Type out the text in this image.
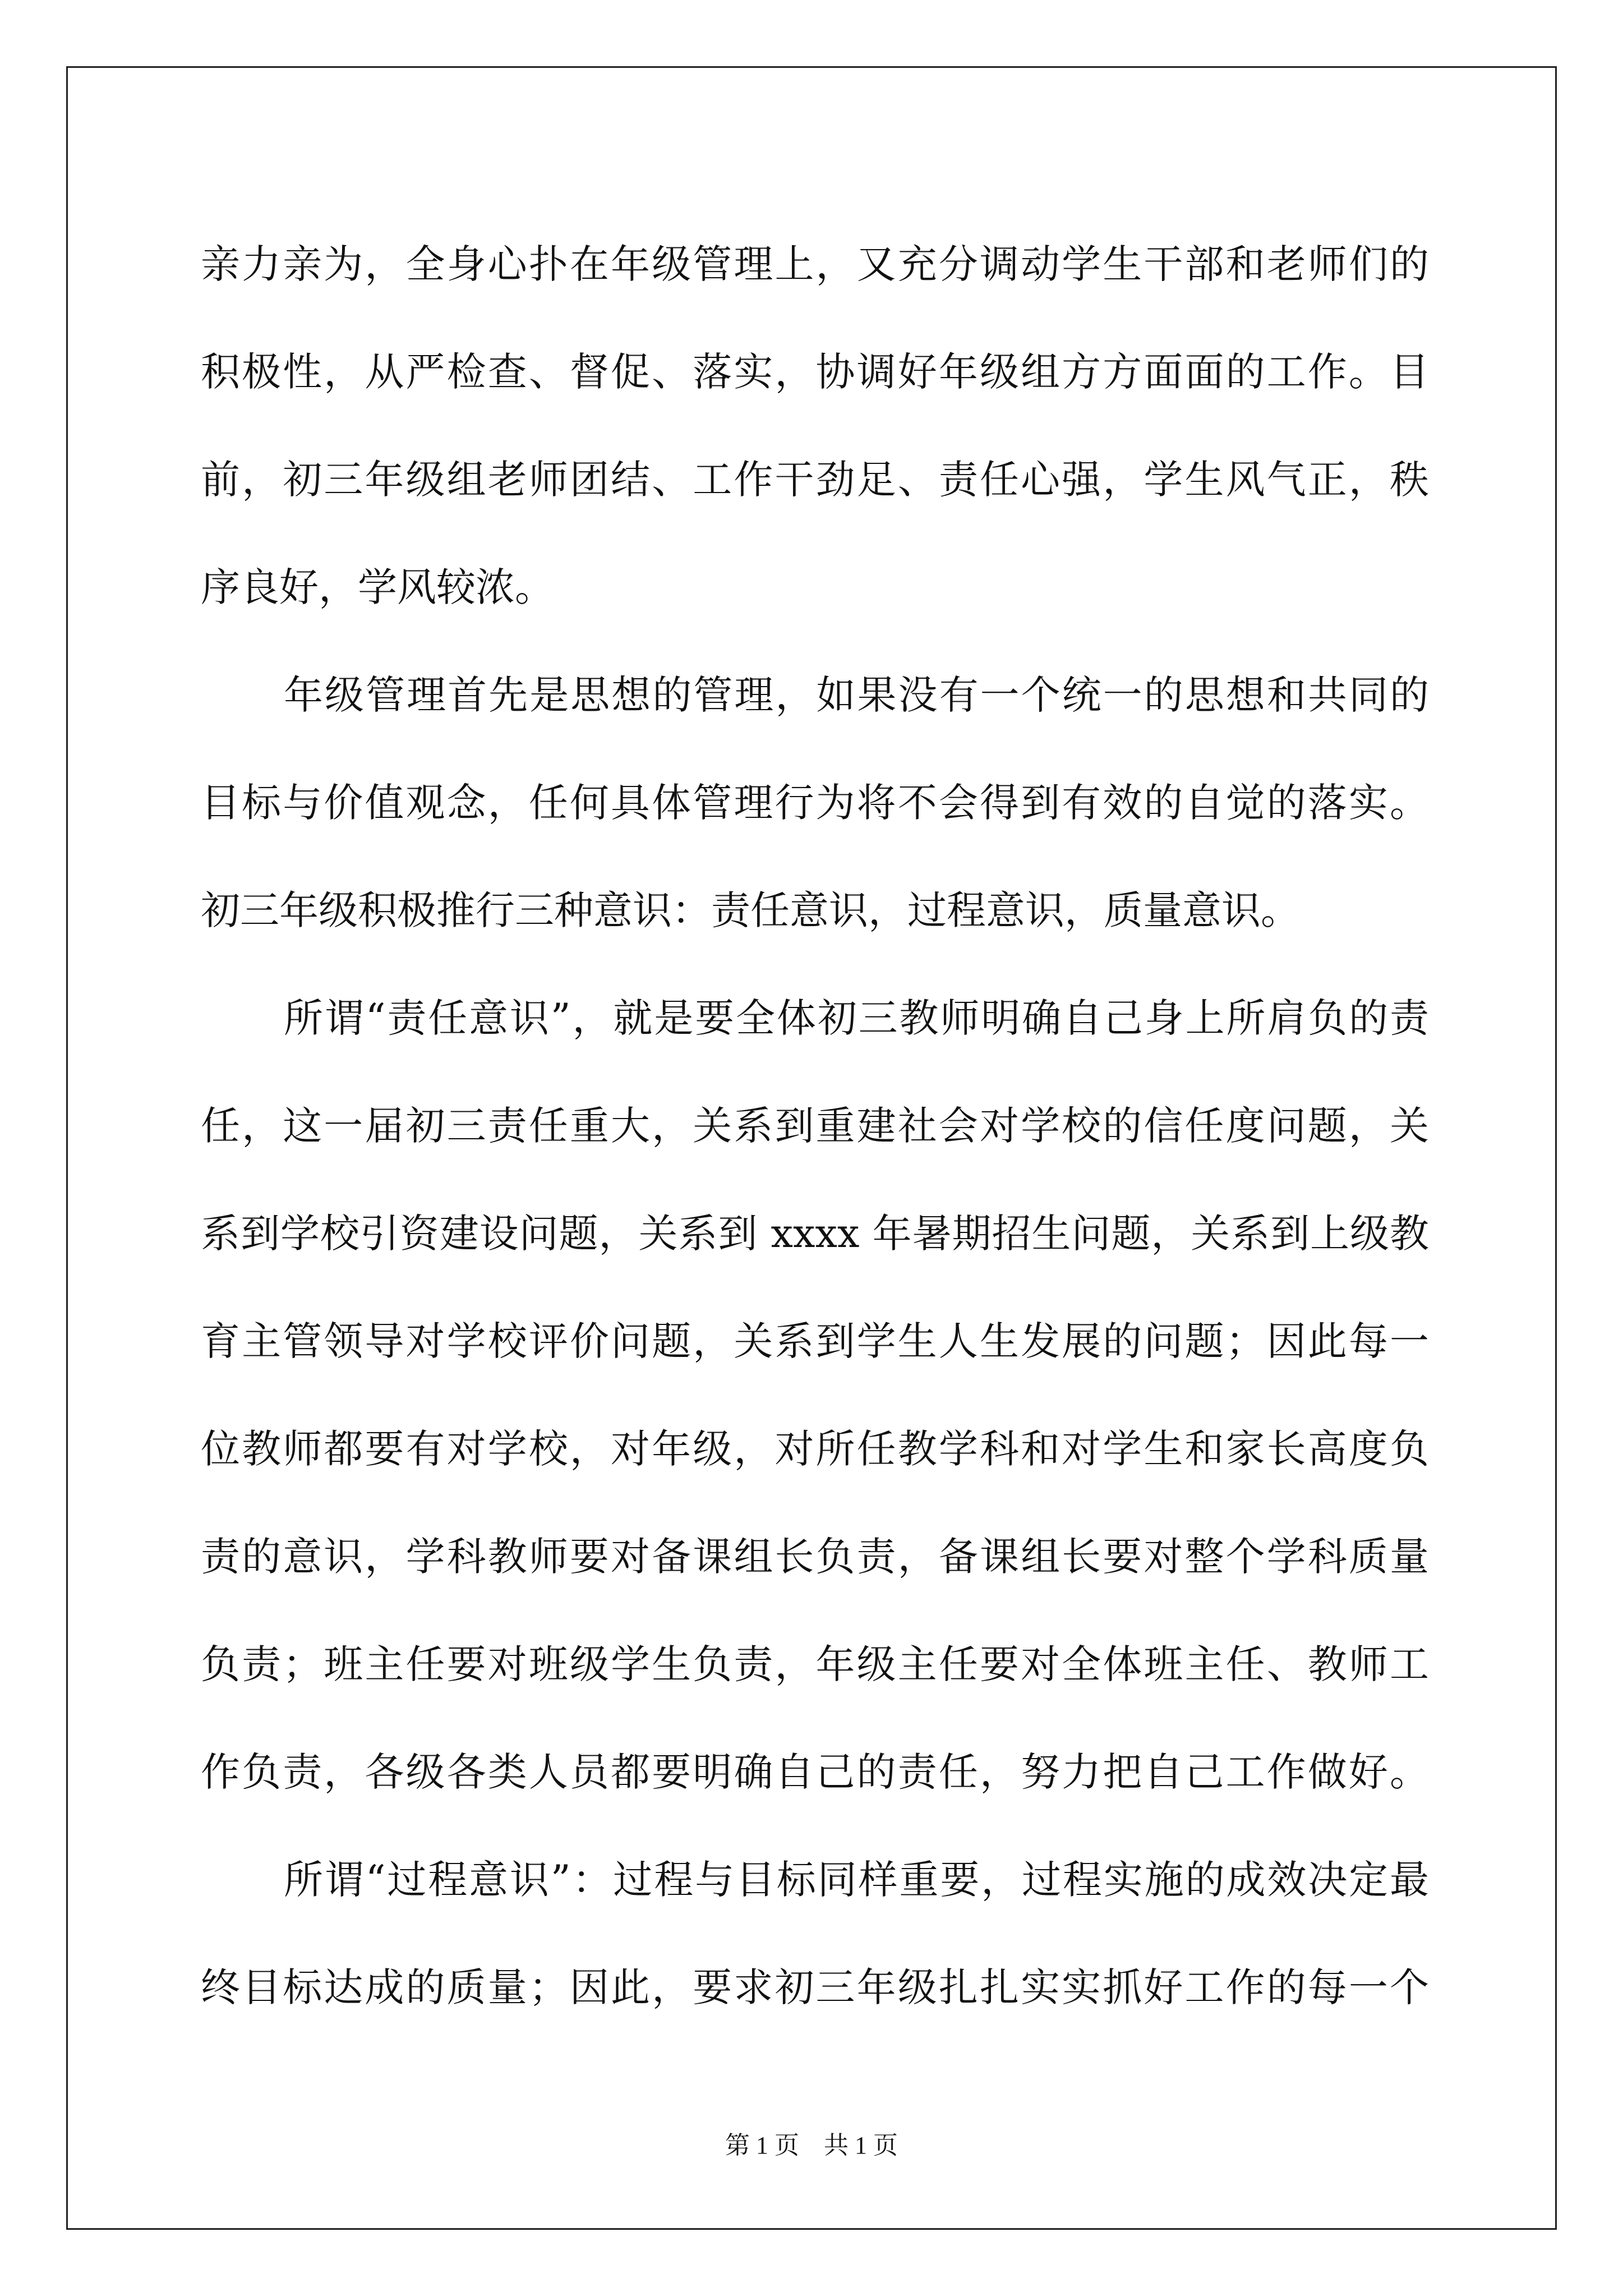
亲力亲为，全身心扑在年级管理上，又充分调动学生干部和老师们的
积极性，从严检查、督促、落实，协调好年级组方方面面的工作。目
前，初三年级组老师团结、工作干劲足、责任心强，学生风气正，秩
序良好，学风较浓。
年级管理首先是思想的管理，如果没有一个统一的思想和共同的
目标与价值观念，任何具体管理行为将不会得到有效的自觉的落实。
初三年级积极推行三种意识：责任意识，过程意识，质量意识。
所谓“责任意识”，就是要全体初三教师明确自己身上所肩负的责
任，这一届初三责任重大，关系到重建社会对学校的信任度问题，关
系到学校引资建设问题，关系到 xxxx 年暑期招生问题，关系到上级教
育主管领导对学校评价问题，关系到学生人生发展的问题；因此每一
位教师都要有对学校，对年级，对所任教学科和对学生和家长高度负
责的意识，学科教师要对备课组长负责，备课组长要对整个学科质量
负责；班主任要对班级学生负责，年级主任要对全体班主任、教师工
作负责，各级各类人员都要明确自己的责任，努力把自己工作做好。
所谓“过程意识”：过程与目标同样重要，过程实施的成效决定最
终目标达成的质量；因此，要求初三年级扎扎实实抓好工作的每一个
第 1 页　共 1 页
